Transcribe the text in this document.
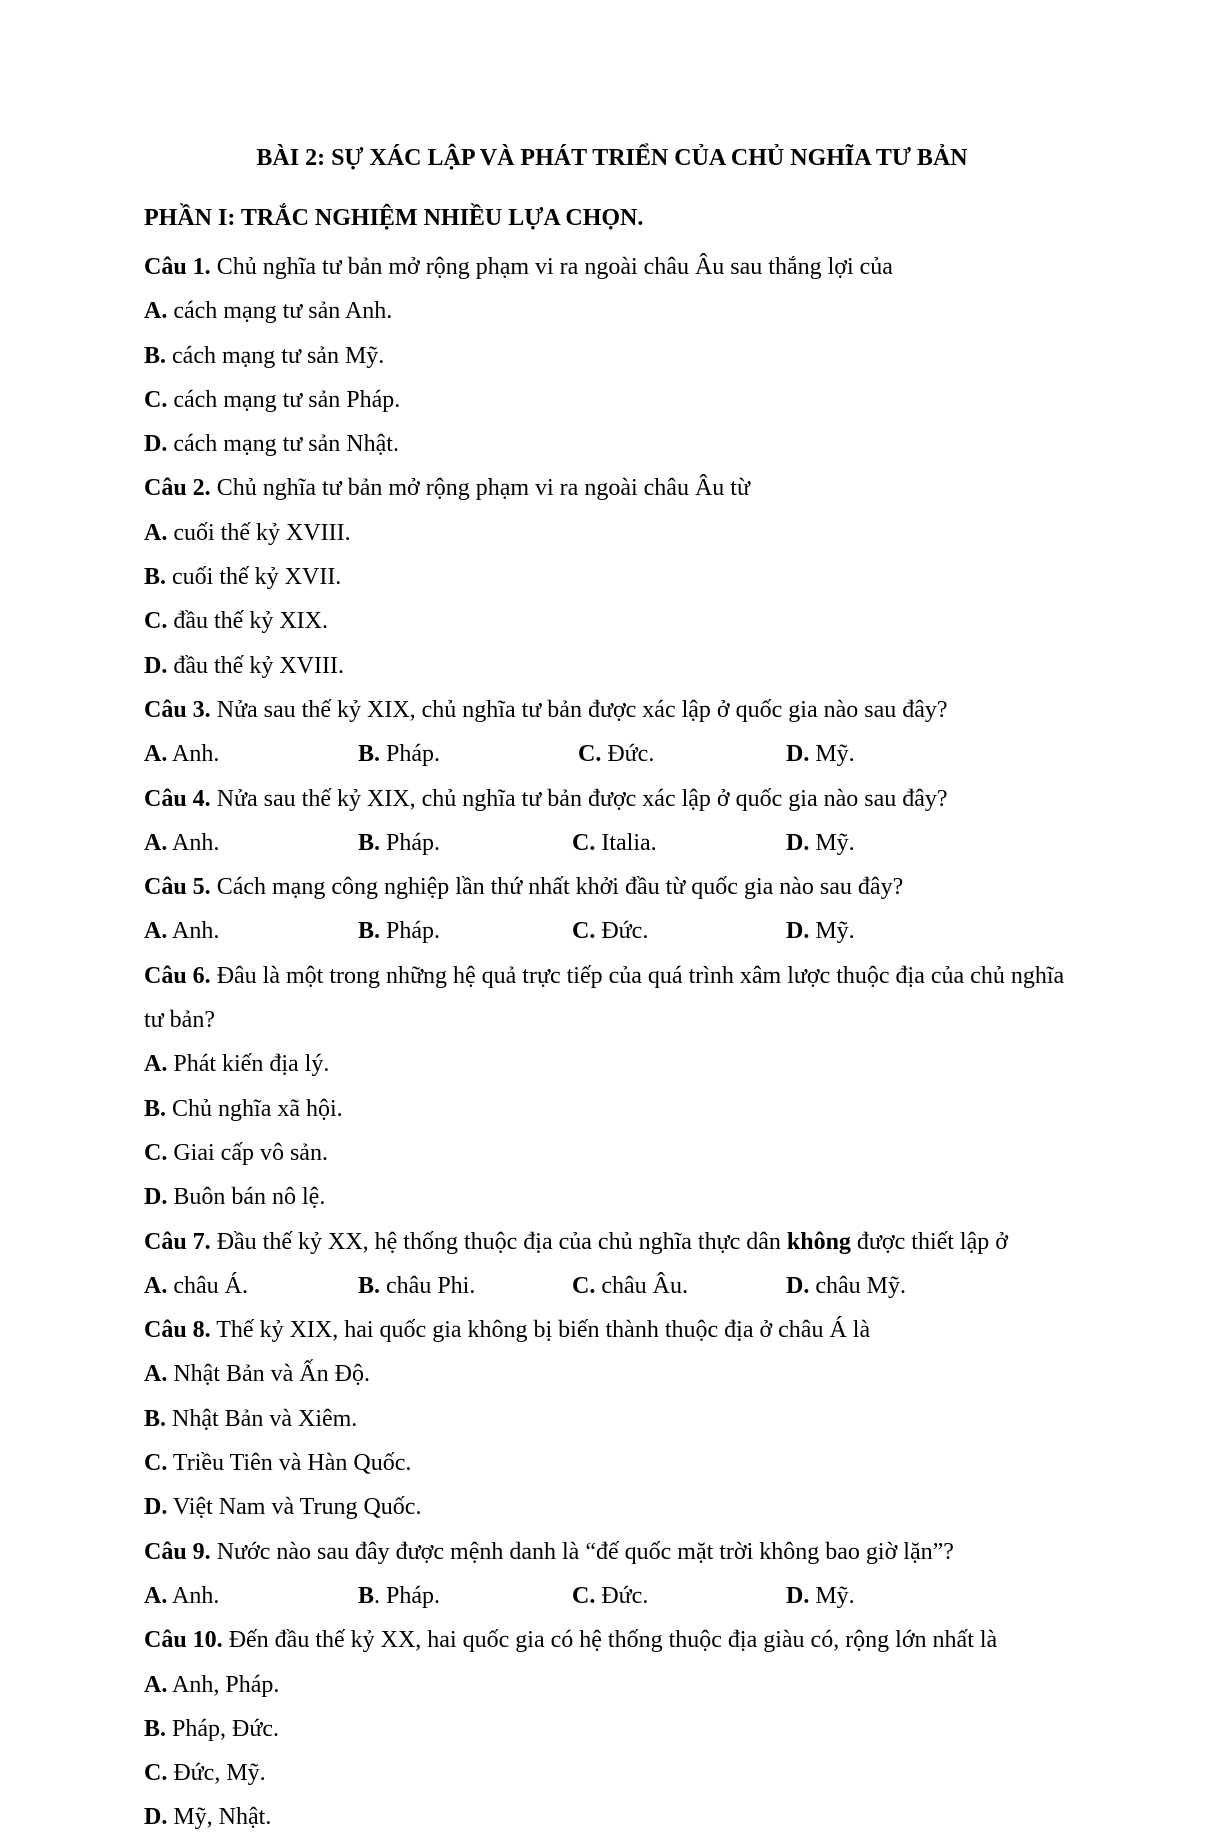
BÀI 2: SỰ XÁC LẬP VÀ PHÁT TRIỂN CỦA CHỦ NGHĨA TƯ BẢN
PHẦN I: TRẮC NGHIỆM NHIỀU LỰA CHỌN.
Câu 1. Chủ nghĩa tư bản mở rộng phạm vi ra ngoài châu Âu sau thắng lợi của
A. cách mạng tư sản Anh.
B. cách mạng tư sản Mỹ.
C. cách mạng tư sản Pháp.
D. cách mạng tư sản Nhật.
Câu 2. Chủ nghĩa tư bản mở rộng phạm vi ra ngoài châu Âu từ
A. cuối thế kỷ XVIII.
B. cuối thế kỷ XVII.
C. đầu thế kỷ XIX.
D. đầu thế kỷ XVIII.
Câu 3. Nửa sau thế kỷ XIX, chủ nghĩa tư bản được xác lập ở quốc gia nào sau đây?
A. Anh.	B. Pháp.	C. Đức.	D. Mỹ.
Câu 4. Nửa sau thế kỷ XIX, chủ nghĩa tư bản được xác lập ở quốc gia nào sau đây?
A. Anh.	B. Pháp.	C. Italia.	D. Mỹ.
Câu 5. Cách mạng công nghiệp lần thứ nhất khởi đầu từ quốc gia nào sau đây?
A. Anh.	B. Pháp.	C. Đức.	D. Mỹ.
Câu 6. Đâu là một trong những hệ quả trực tiếp của quá trình xâm lược thuộc địa của chủ nghĩa tư bản?
A. Phát kiến địa lý.
B. Chủ nghĩa xã hội.
C. Giai cấp vô sản.
D. Buôn bán nô lệ.
Câu 7. Đầu thế kỷ XX, hệ thống thuộc địa của chủ nghĩa thực dân không được thiết lập ở
A. châu Á.	B. châu Phi.	C. châu Âu.	D. châu Mỹ.
Câu 8. Thế kỷ XIX, hai quốc gia không bị biến thành thuộc địa ở châu Á là
A. Nhật Bản và Ấn Độ.
B. Nhật Bản và Xiêm.
C. Triều Tiên và Hàn Quốc.
D. Việt Nam và Trung Quốc.
Câu 9. Nước nào sau đây được mệnh danh là “đế quốc mặt trời không bao giờ lặn”?
A. Anh.	B. Pháp.	C. Đức.	D. Mỹ.
Câu 10. Đến đầu thế kỷ XX, hai quốc gia có hệ thống thuộc địa giàu có, rộng lớn nhất là
A. Anh, Pháp.
B. Pháp, Đức.
C. Đức, Mỹ.
D. Mỹ, Nhật.
